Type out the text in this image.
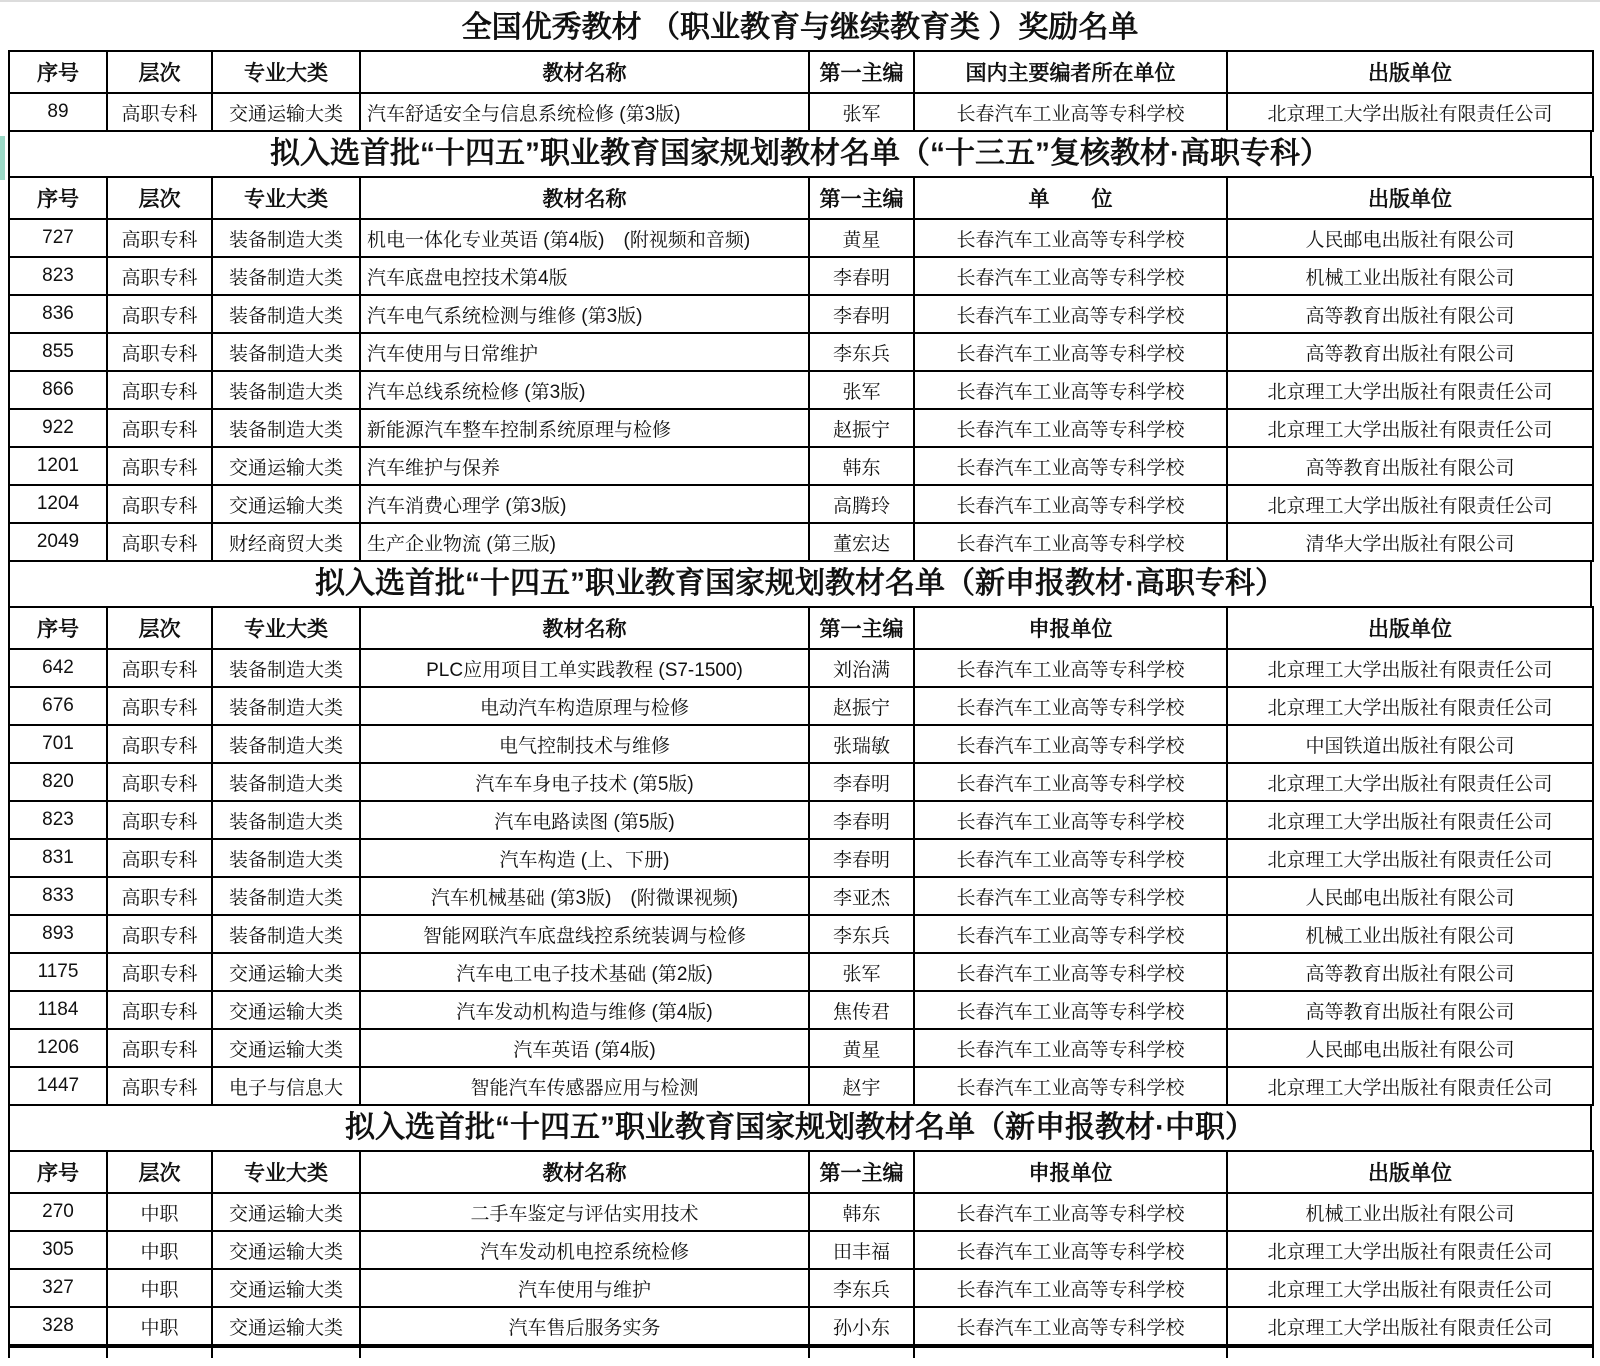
全国优秀教材 （职业教育与继续教育类 ）奖励名单
序号	层次	专业大类	教材名称	第一主编	国内主要编者所在单位	出版单位
89	高职专科	交通运输大类	汽车舒适安全与信息系统检修 (第3版)	张军	长春汽车工业高等专科学校	北京理工大学出版社有限责任公司
拟入选首批“十四五”职业教育国家规划教材名单（“十三五”复核教材·高职专科）
序号	层次	专业大类	教材名称	第一主编	单　　位	出版单位
727	高职专科	装备制造大类	机电一体化专业英语 (第4版)　(附视频和音频)	黄星	长春汽车工业高等专科学校	人民邮电出版社有限公司
823	高职专科	装备制造大类	汽车底盘电控技术第4版	李春明	长春汽车工业高等专科学校	机械工业出版社有限公司
836	高职专科	装备制造大类	汽车电气系统检测与维修 (第3版)	李春明	长春汽车工业高等专科学校	高等教育出版社有限公司
855	高职专科	装备制造大类	汽车使用与日常维护	李东兵	长春汽车工业高等专科学校	高等教育出版社有限公司
866	高职专科	装备制造大类	汽车总线系统检修 (第3版)	张军	长春汽车工业高等专科学校	北京理工大学出版社有限责任公司
922	高职专科	装备制造大类	新能源汽车整车控制系统原理与检修	赵振宁	长春汽车工业高等专科学校	北京理工大学出版社有限责任公司
1201	高职专科	交通运输大类	汽车维护与保养	韩东	长春汽车工业高等专科学校	高等教育出版社有限公司
1204	高职专科	交通运输大类	汽车消费心理学 (第3版)	高腾玲	长春汽车工业高等专科学校	北京理工大学出版社有限责任公司
2049	高职专科	财经商贸大类	生产企业物流 (第三版)	董宏达	长春汽车工业高等专科学校	清华大学出版社有限公司
拟入选首批“十四五”职业教育国家规划教材名单（新申报教材·高职专科）
序号	层次	专业大类	教材名称	第一主编	申报单位	出版单位
642	高职专科	装备制造大类	PLC应用项目工单实践教程 (S7-1500)	刘治满	长春汽车工业高等专科学校	北京理工大学出版社有限责任公司
676	高职专科	装备制造大类	电动汽车构造原理与检修	赵振宁	长春汽车工业高等专科学校	北京理工大学出版社有限责任公司
701	高职专科	装备制造大类	电气控制技术与维修	张瑞敏	长春汽车工业高等专科学校	中国铁道出版社有限公司
820	高职专科	装备制造大类	汽车车身电子技术 (第5版)	李春明	长春汽车工业高等专科学校	北京理工大学出版社有限责任公司
823	高职专科	装备制造大类	汽车电路读图 (第5版)	李春明	长春汽车工业高等专科学校	北京理工大学出版社有限责任公司
831	高职专科	装备制造大类	汽车构造 (上、下册)	李春明	长春汽车工业高等专科学校	北京理工大学出版社有限责任公司
833	高职专科	装备制造大类	汽车机械基础 (第3版)　(附微课视频)	李亚杰	长春汽车工业高等专科学校	人民邮电出版社有限公司
893	高职专科	装备制造大类	智能网联汽车底盘线控系统装调与检修	李东兵	长春汽车工业高等专科学校	机械工业出版社有限公司
1175	高职专科	交通运输大类	汽车电工电子技术基础 (第2版)	张军	长春汽车工业高等专科学校	高等教育出版社有限公司
1184	高职专科	交通运输大类	汽车发动机构造与维修 (第4版)	焦传君	长春汽车工业高等专科学校	高等教育出版社有限公司
1206	高职专科	交通运输大类	汽车英语 (第4版)	黄星	长春汽车工业高等专科学校	人民邮电出版社有限公司
1447	高职专科	电子与信息大	智能汽车传感器应用与检测	赵宇	长春汽车工业高等专科学校	北京理工大学出版社有限责任公司
拟入选首批“十四五”职业教育国家规划教材名单（新申报教材·中职）
序号	层次	专业大类	教材名称	第一主编	申报单位	出版单位
270	中职	交通运输大类	二手车鉴定与评估实用技术	韩东	长春汽车工业高等专科学校	机械工业出版社有限公司
305	中职	交通运输大类	汽车发动机电控系统检修	田丰福	长春汽车工业高等专科学校	北京理工大学出版社有限责任公司
327	中职	交通运输大类	汽车使用与维护	李东兵	长春汽车工业高等专科学校	北京理工大学出版社有限责任公司
328	中职	交通运输大类	汽车售后服务实务	孙小东	长春汽车工业高等专科学校	北京理工大学出版社有限责任公司
